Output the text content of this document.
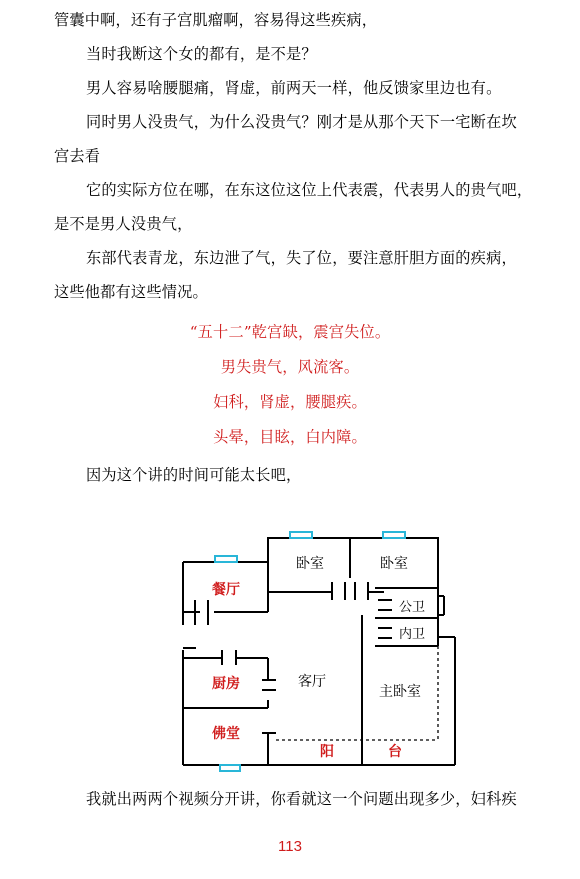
管囊中啊，还有子宫肌瘤啊，容易得这些疾病，
当时我断这个女的都有，是不是？
男人容易啥腰腿痛，肾虚，前两天一样，他反馈家里边也有。
同时男人没贵气，为什么没贵气？刚才是从那个天下一宅断在坎
宫去看
它的实际方位在哪，在东这位这位上代表震，代表男人的贵气吧，
是不是男人没贵气，
东部代表青龙，东边泄了气，失了位，要注意肝胆方面的疾病，
这些他都有这些情况。
“五十二”乾宫缺，震宫失位。
男失贵气，风流客。
妇科，肾虚，腰腿疾。
头晕，目眩，白内障。
因为这个讲的时间可能太长吧，
卧室	卧室
餐厅
公卫
内卫
厨房	客厅
主卧室
佛堂
阳	台
我就出两两个视频分开讲，你看就这一个问题出现多少，妇科疾
113
